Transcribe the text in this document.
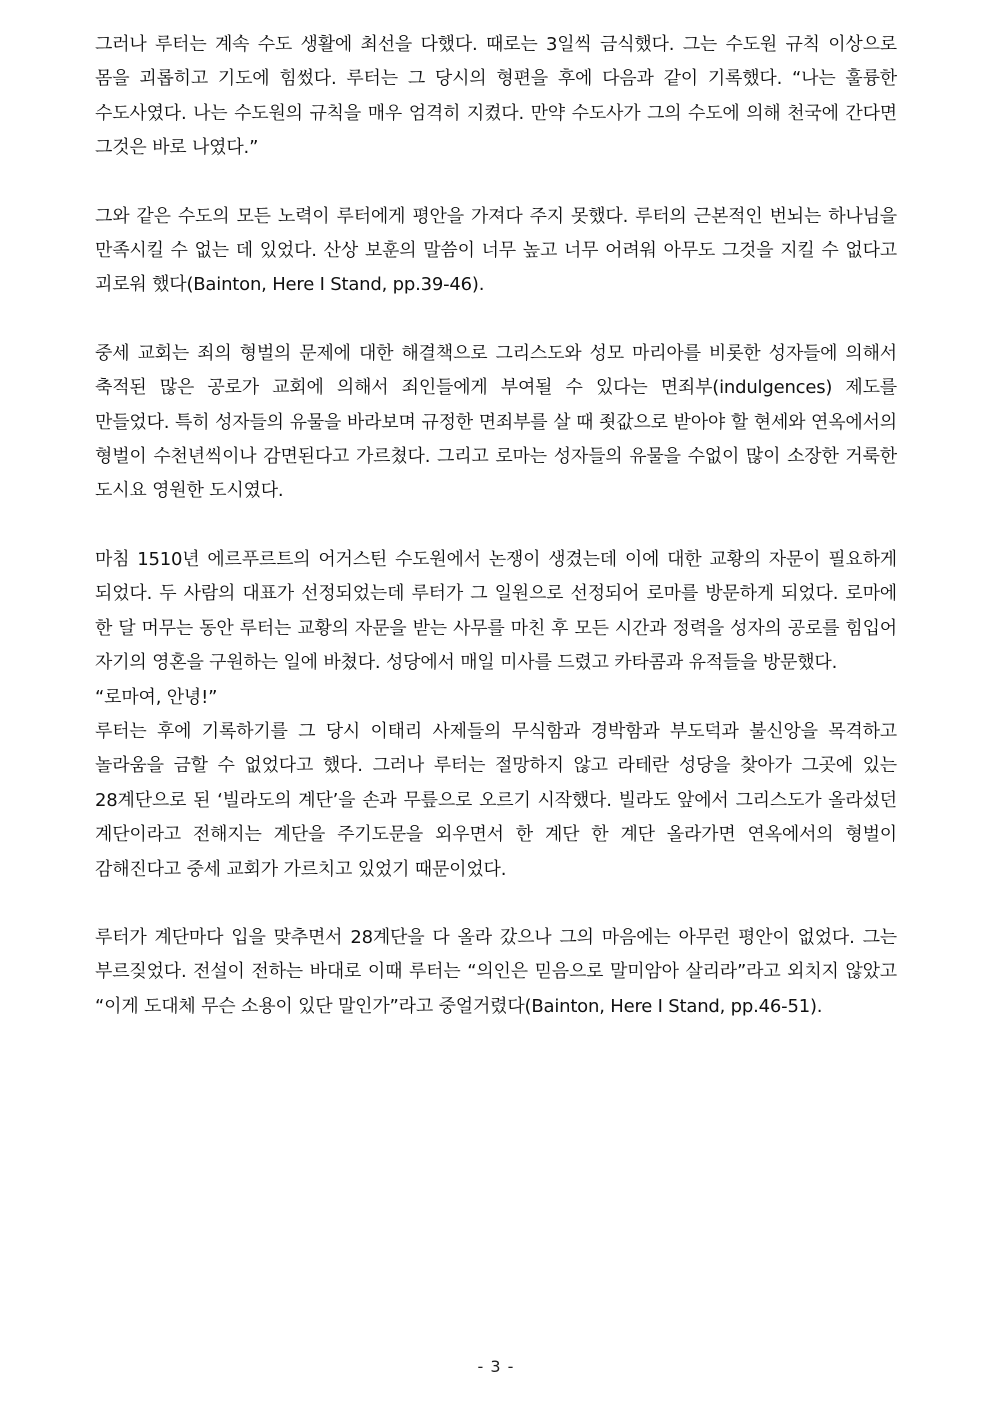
그러나 루터는 계속 수도 생활에 최선을 다했다. 때로는 3일씩 금식했다. 그는 수도원 규칙 이상으로 몸을 괴롭히고 기도에 힘썼다. 루터는 그 당시의 형편을 후에 다음과 같이 기록했다. “나는 훌륭한 수도사였다. 나는 수도원의 규칙을 매우 엄격히 지켰다. 만약 수도사가 그의 수도에 의해 천국에 간다면 그것은 바로 나였다.”

그와 같은 수도의 모든 노력이 루터에게 평안을 가져다 주지 못했다. 루터의 근본적인 번뇌는 하나님을 만족시킬 수 없는 데 있었다. 산상 보훈의 말씀이 너무 높고 너무 어려워 아무도 그것을 지킬 수 없다고 괴로워 했다(Bainton, Here I Stand, pp.39-46).

중세 교회는 죄의 형벌의 문제에 대한 해결책으로 그리스도와 성모 마리아를 비롯한 성자들에 의해서 축적된 많은 공로가 교회에 의해서 죄인들에게 부여될 수 있다는 면죄부(indulgences) 제도를 만들었다. 특히 성자들의 유물을 바라보며 규정한 면죄부를 살 때 죗값으로 받아야 할 현세와 연옥에서의 형벌이 수천년씩이나 감면된다고 가르쳤다. 그리고 로마는 성자들의 유물을 수없이 많이 소장한 거룩한 도시요 영원한 도시였다.

마침 1510년 에르푸르트의 어거스틴 수도원에서 논쟁이 생겼는데 이에 대한 교황의 자문이 필요하게 되었다. 두 사람의 대표가 선정되었는데 루터가 그 일원으로 선정되어 로마를 방문하게 되었다. 로마에 한 달 머무는 동안 루터는 교황의 자문을 받는 사무를 마친 후 모든 시간과 정력을 성자의 공로를 힘입어 자기의 영혼을 구원하는 일에 바쳤다. 성당에서 매일 미사를 드렸고 카타콤과 유적들을 방문했다.

“로마여, 안녕!”

루터는 후에 기록하기를 그 당시 이태리 사제들의 무식함과 경박함과 부도덕과 불신앙을 목격하고 놀라움을 금할 수 없었다고 했다. 그러나 루터는 절망하지 않고 라테란 성당을 찾아가 그곳에 있는 28계단으로 된 ‘빌라도의 계단’을 손과 무릎으로 오르기 시작했다. 빌라도 앞에서 그리스도가 올라섰던 계단이라고 전해지는 계단을 주기도문을 외우면서 한 계단 한 계단 올라가면 연옥에서의 형벌이 감해진다고 중세 교회가 가르치고 있었기 때문이었다.

루터가 계단마다 입을 맞추면서 28계단을 다 올라 갔으나 그의 마음에는 아무런 평안이 없었다. 그는 부르짖었다. 전설이 전하는 바대로 이때 루터는 “의인은 믿음으로 말미암아 살리라”라고 외치지 않았고 “이게 도대체 무슨 소용이 있단 말인가”라고 중얼거렸다(Bainton, Here I Stand, pp.46-51).

- 3 -
